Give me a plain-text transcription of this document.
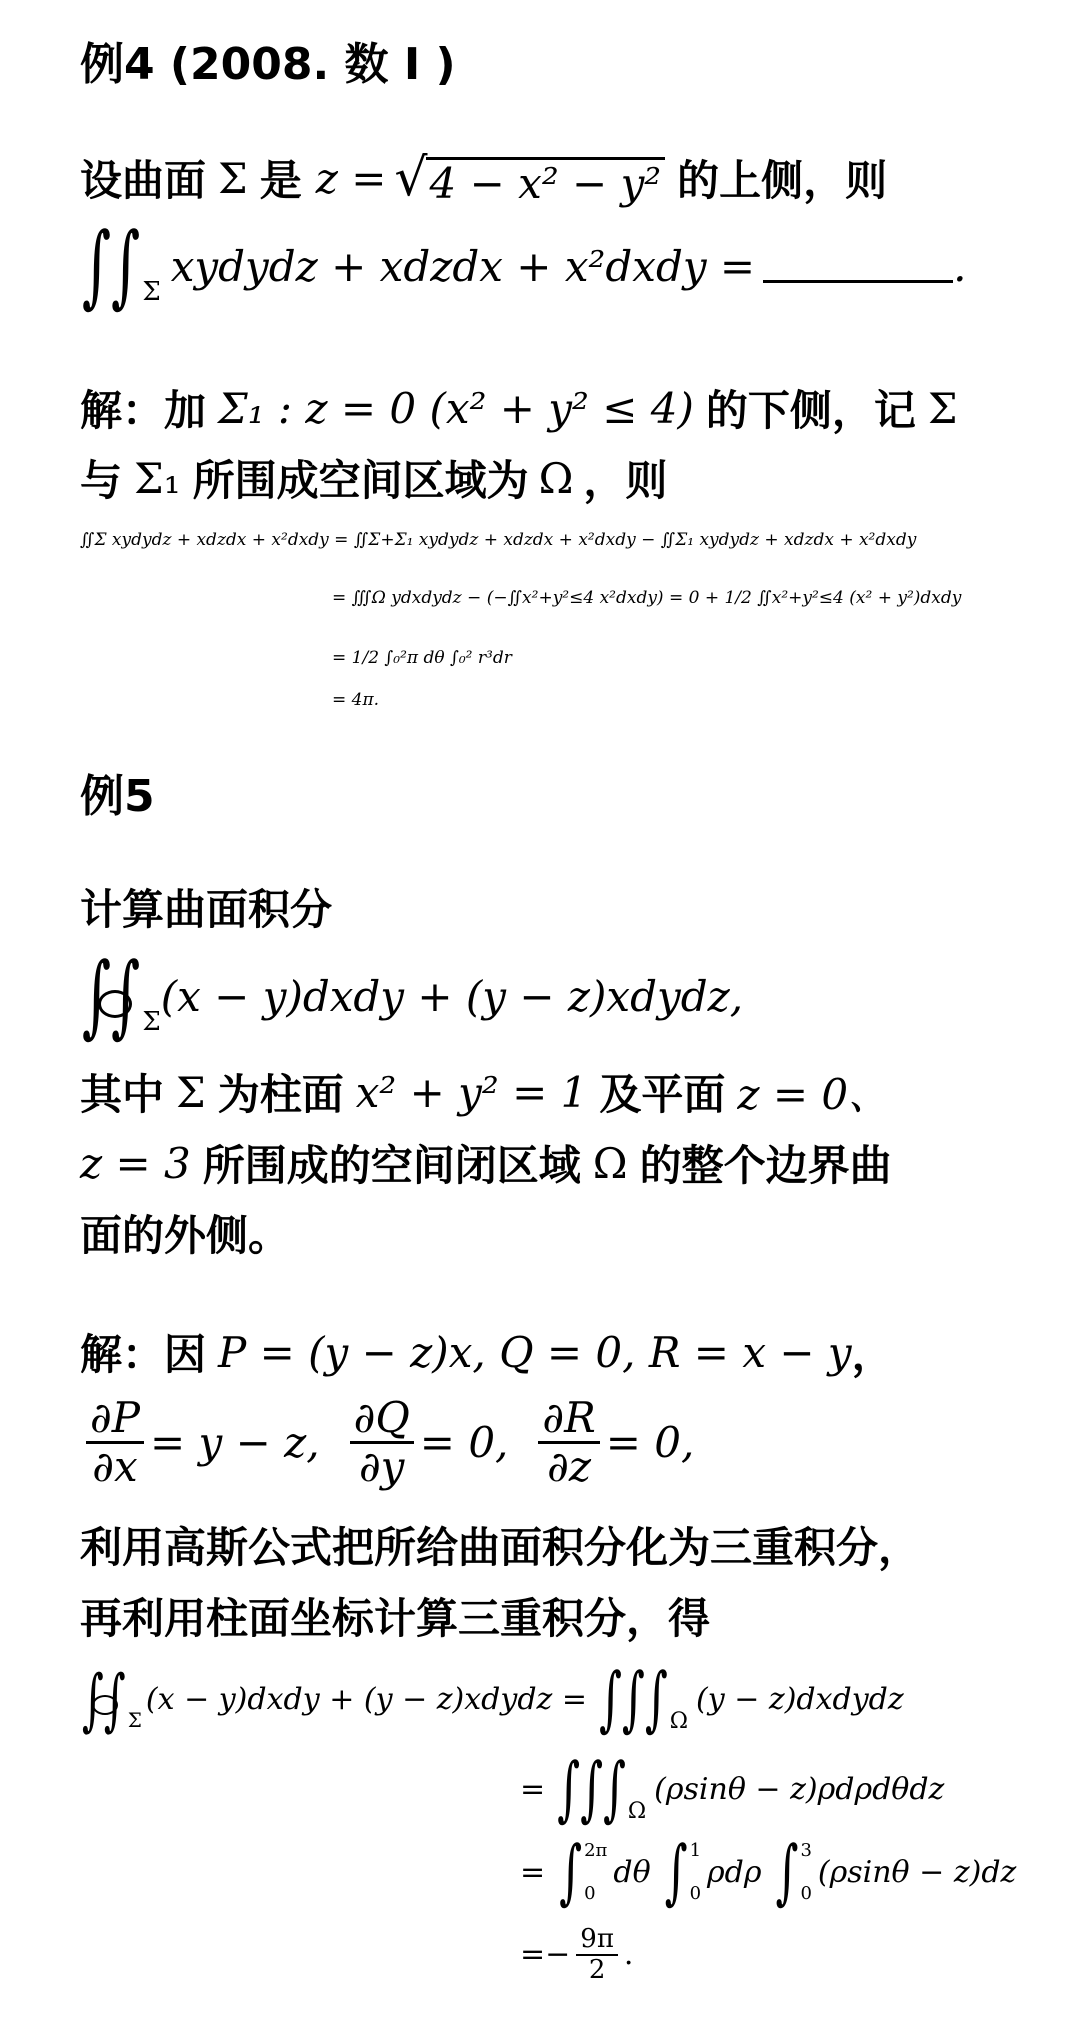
例4 (2008. 数 I )
设曲面 Σ 是 z = √ 4 − x² − y² 的上侧，则
∫∫ Σ
xydydz + xdzdx + x²dxdy =	.
解：加 Σ₁ : z = 0 (x² + y² ≤ 4) 的下侧，记 Σ
与 Σ₁ 所围成空间区域为 Ω ，则
∬Σ xydydz + xdzdx + x²dxdy = ∬Σ+Σ₁ xydydz + xdzdx + x²dxdy − ∬Σ₁ xydydz + xdzdx + x²dxdy
= ∭Ω ydxdydz − (−∬x²+y²≤4 x²dxdy) = 0 + 1/2 ∬x²+y²≤4 (x² + y²)dxdy
= 1/2 ∫₀²π dθ ∫₀² r³dr
= 4π.
例5
计算曲面积分
∫∫ Σ
(x − y)dxdy + (y − z)xdydz,
其中 Σ 为柱面 x² + y² = 1 及平面 z = 0、
z = 3 所围成的空间闭区域 Ω 的整个边界曲
面的外侧。
解：因 P = (y − z)x, Q = 0, R = x − y ，
$\frac{\partial P}{\partial x} = y - z$, $\frac{\partial Q}{\partial y} = 0$, $\frac{\partial R}{\partial z} = 0$,
利用高斯公式把所给曲面积分化为三重积分，
再利用柱面坐标计算三重积分，得
∫∫ Σ
(x − y)dxdy + (y − z)xdydz = ∫∫∫ Ω
(y − z)dxdydz
= ∫∫∫ Ω
(ρsinθ − z)ρdρdθdz
= ∫ 2π
0
dθ ∫ 1
0
ρdρ ∫ 3
0
(ρsinθ − z)dz
=− $\frac{9\pi}{2}$ .
